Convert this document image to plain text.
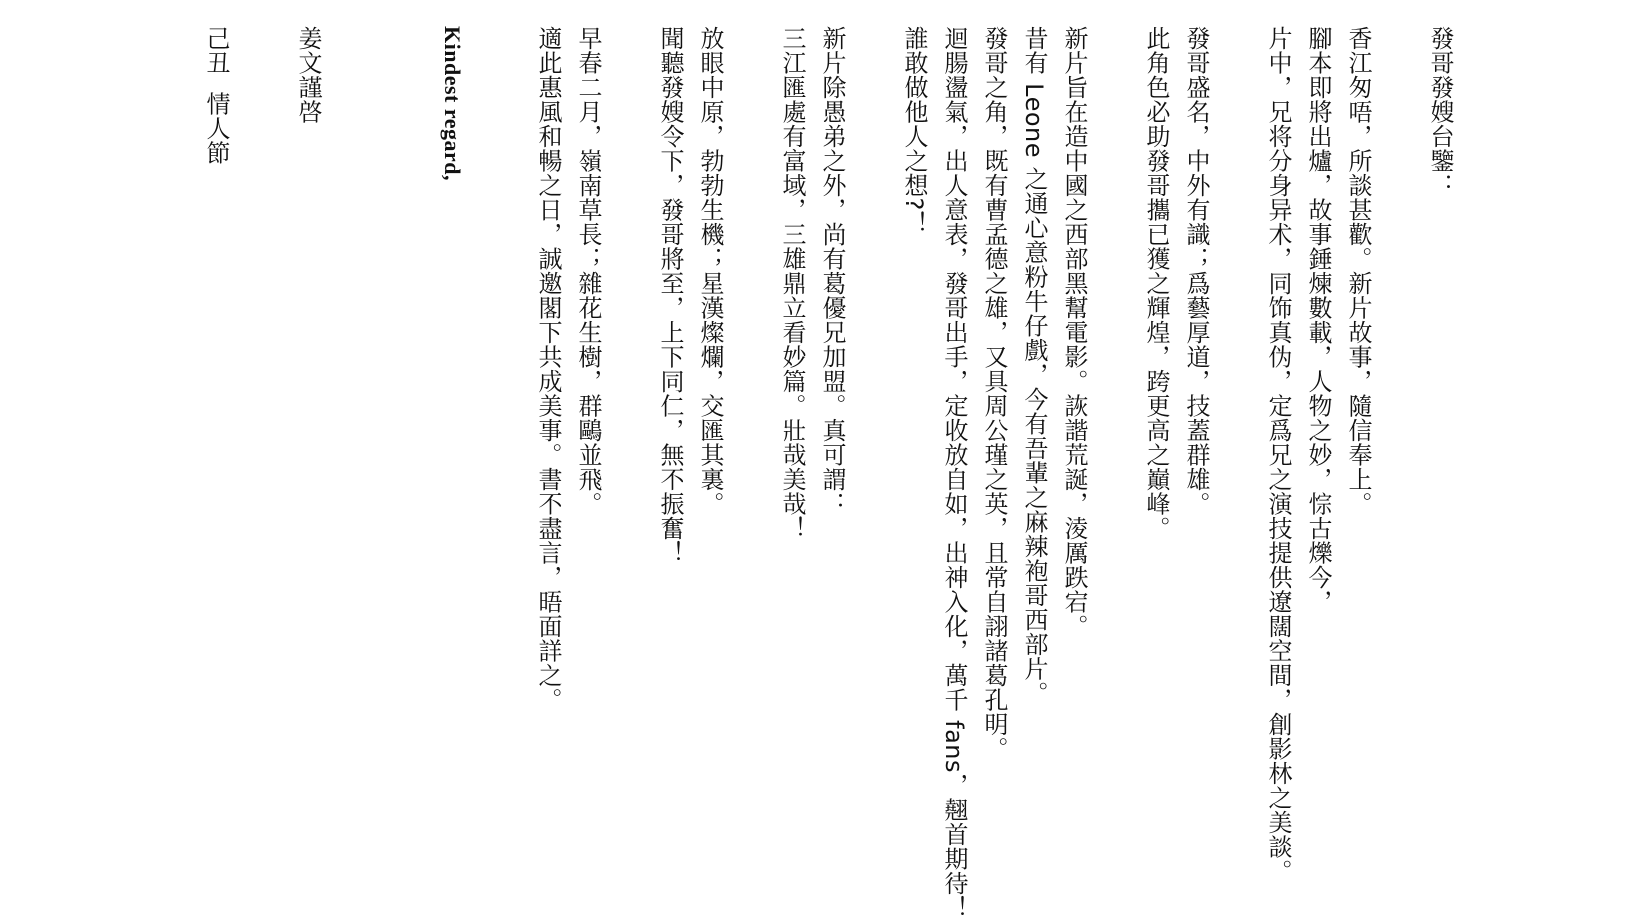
發哥發嫂台鑒：
香江匆唔，所談甚歡。新片故事，隨信奉上。
腳本即將出爐，故事錘煉數載，人物之妙，悰古爍今，
片中，兄将分身异术，同饰真伪，定爲兄之演技提供遼闊空間，創影林之美談。
發哥盛名，中外有識；爲藝厚道，技蓋群雄。
此角色必助發哥攜已獲之輝煌，跨更高之巔峰。
新片旨在造中國之西部黑幫電影。詼諧荒誕，淩厲跌宕。
昔有 Leone 之通心意粉牛仔戲，今有吾輩之麻辣袍哥西部片。
發哥之角，既有曹孟德之雄，又具周公瑾之英，且常自詡諸葛孔明。
迴腸盪氣，出人意表，發哥出手，定收放自如，出神入化，萬千 fans，翹首期待！
誰敢做他人之想?！
新片除愚弟之外，尚有葛優兄加盟。真可謂：
三江匯處有富域，三雄鼎立看妙篇。壯哉美哉！
放眼中原，勃勃生機；星漢燦爛，交匯其裏。
聞聽發嫂令下，發哥將至，上下同仁，無不振奮！
早春二月，嶺南草長；雜花生樹，群鷗並飛。
適此惠風和暢之日，誠邀閣下共成美事。書不盡言，晤面詳之。
Kindest regard,
姜文謹啓
己丑  情人節
